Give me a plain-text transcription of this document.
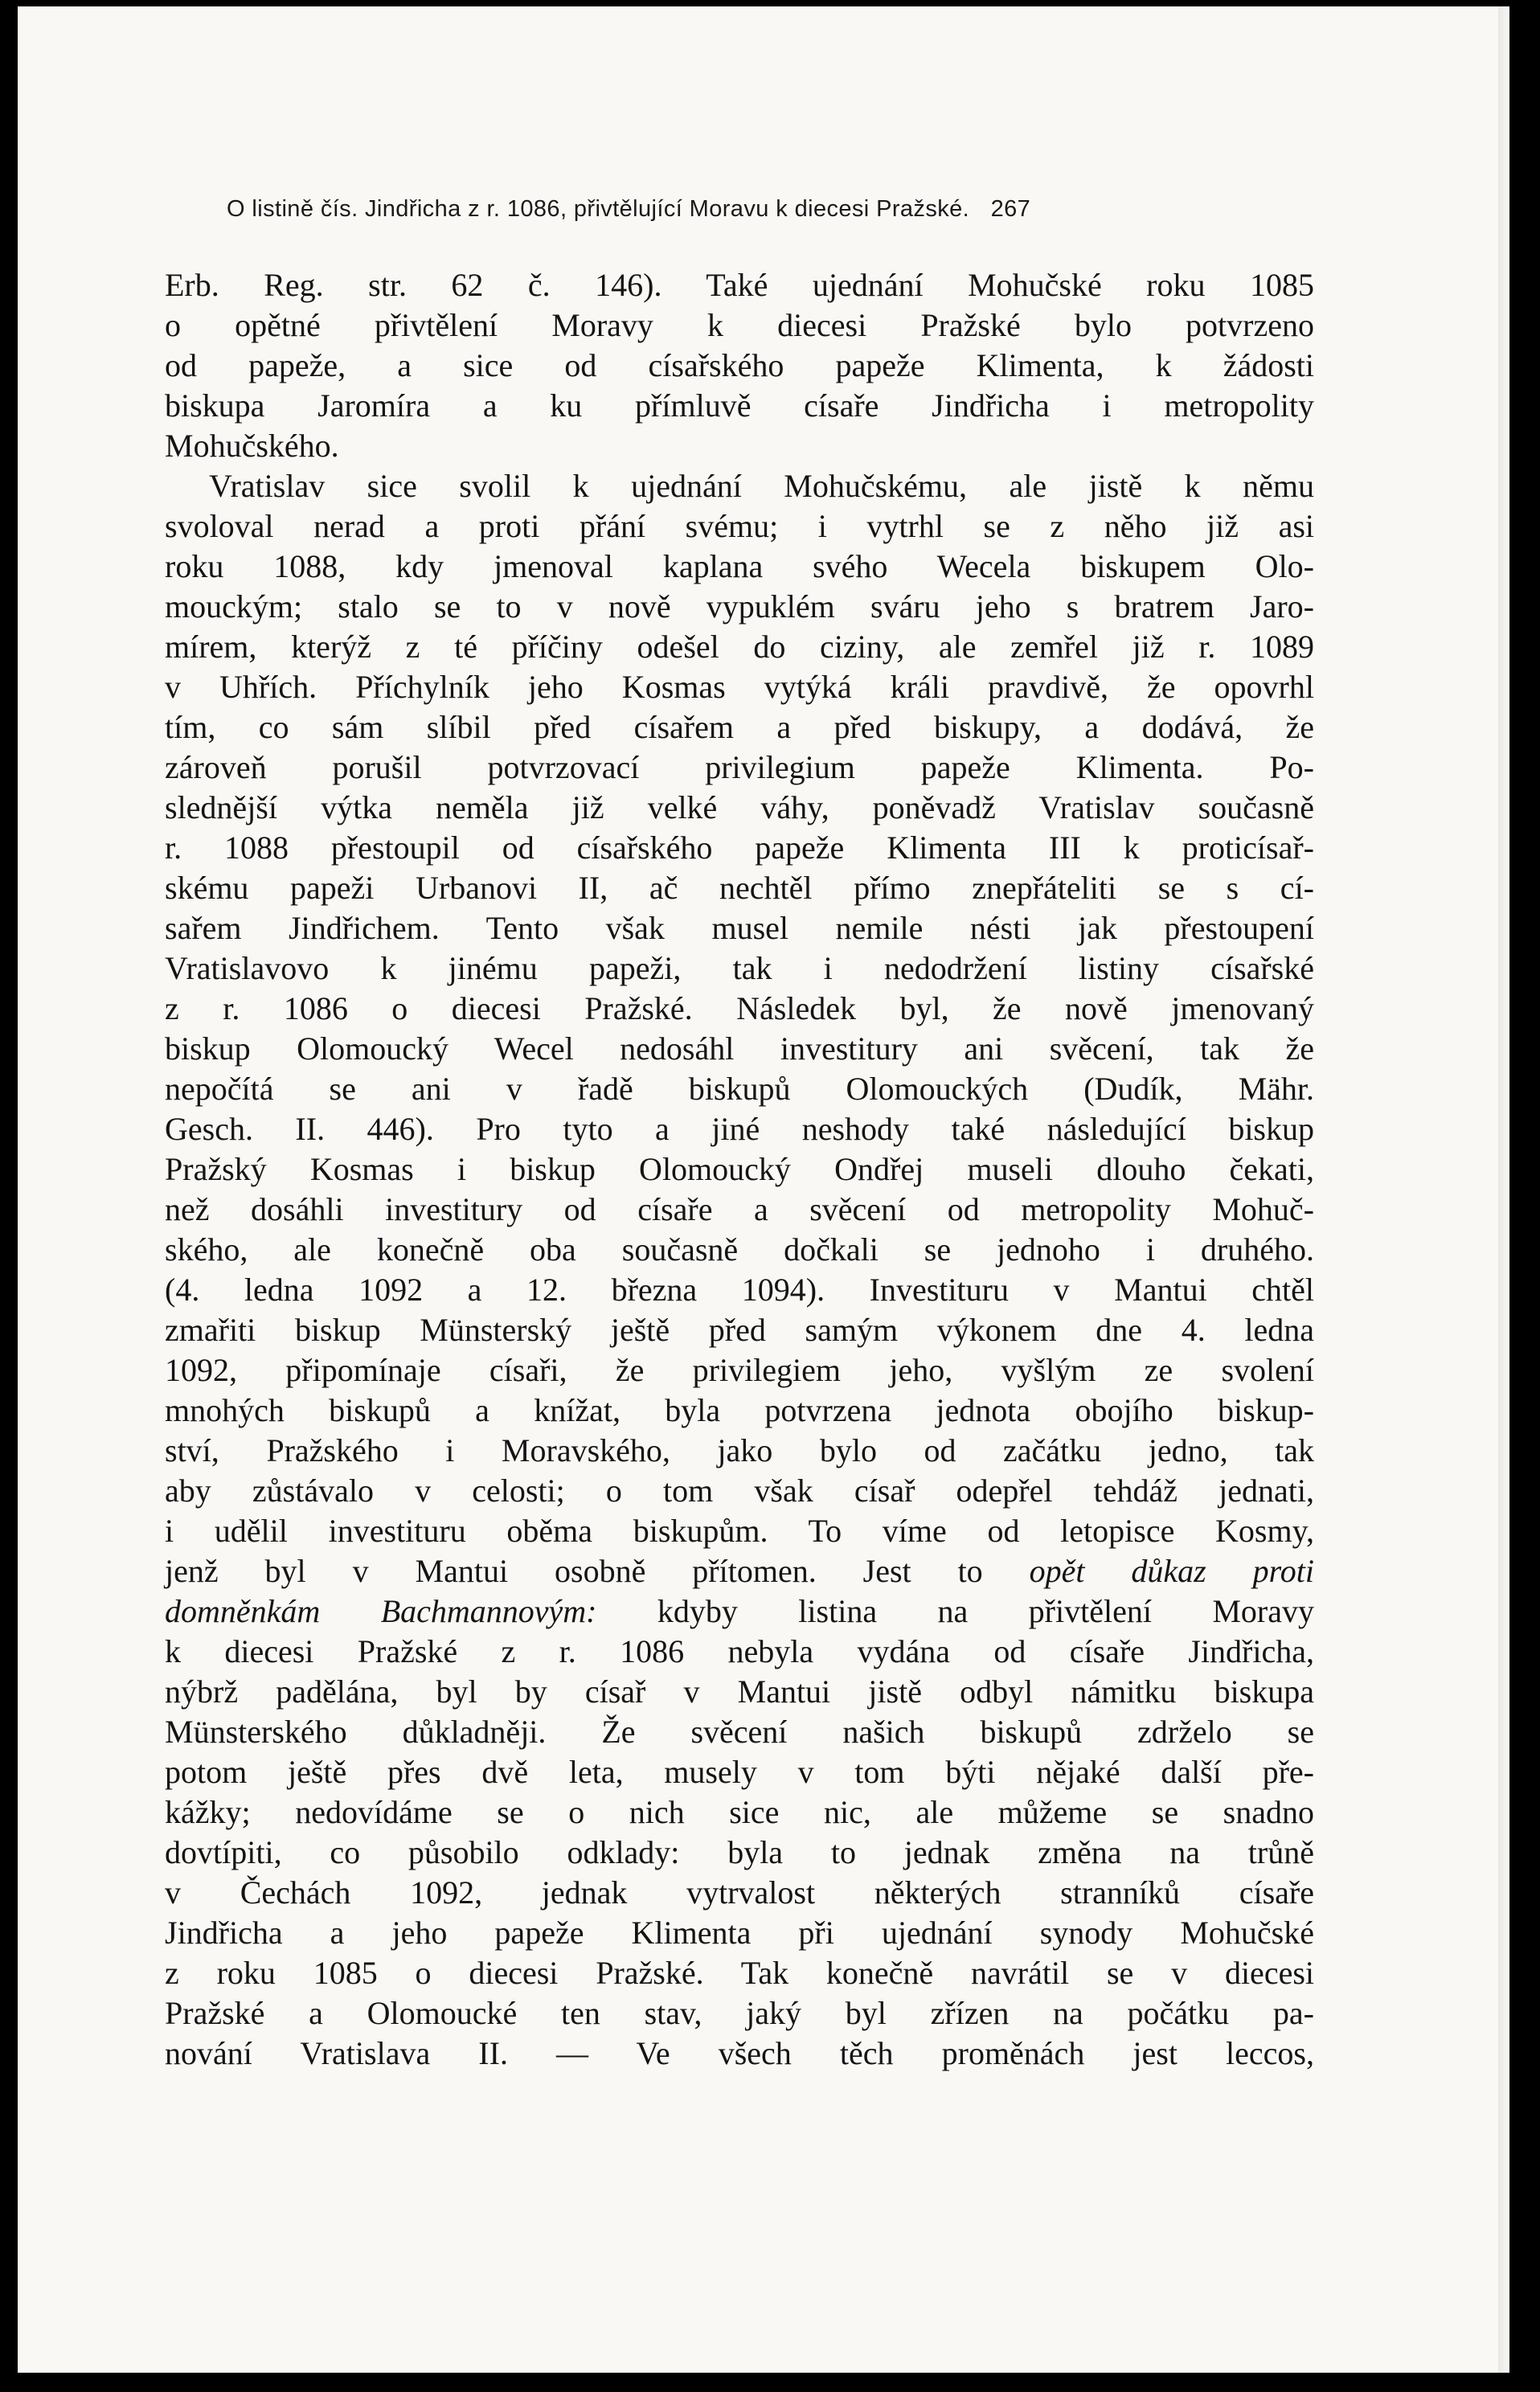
O listině čís. Jindřicha z r. 1086, přivtělující Moravu k diecesi Pražské. 267
Erb. Reg. str. 62 č. 146). Také ujednání Mohučské roku 1085
o opětné přivtělení Moravy k diecesi Pražské bylo potvrzeno
od papeže, a sice od císařského papeže Klimenta, k žádosti
biskupa Jaromíra a ku přímluvě císaře Jindřicha i metropolity
Mohučského.
Vratislav sice svolil k ujednání Mohučskému, ale jistě k němu
svoloval nerad a proti přání svému; i vytrhl se z něho již asi
roku 1088, kdy jmenoval kaplana svého Wecela biskupem Olo-
mouckým; stalo se to v nově vypuklém sváru jeho s bratrem Jaro-
mírem, kterýž z té příčiny odešel do ciziny, ale zemřel již r. 1089
v Uhřích. Příchylník jeho Kosmas vytýká králi pravdivě, že opovrhl
tím, co sám slíbil před císařem a před biskupy, a dodává, že
zároveň porušil potvrzovací privilegium papeže Klimenta. Po-
slednější výtka neměla již velké váhy, poněvadž Vratislav současně
r. 1088 přestoupil od císařského papeže Klimenta III k proticísař-
skému papeži Urbanovi II, ač nechtěl přímo znepřáteliti se s cí-
sařem Jindřichem. Tento však musel nemile nésti jak přestoupení
Vratislavovo k jinému papeži, tak i nedodržení listiny císařské
z r. 1086 o diecesi Pražské. Následek byl, že nově jmenovaný
biskup Olomoucký Wecel nedosáhl investitury ani svěcení, tak že
nepočítá se ani v řadě biskupů Olomouckých (Dudík, Mähr.
Gesch. II. 446). Pro tyto a jiné neshody také následující biskup
Pražský Kosmas i biskup Olomoucký Ondřej museli dlouho čekati,
než dosáhli investitury od císaře a svěcení od metropolity Mohuč-
ského, ale konečně oba současně dočkali se jednoho i druhého.
(4. ledna 1092 a 12. března 1094). Investituru v Mantui chtěl
zmařiti biskup Münsterský ještě před samým výkonem dne 4. ledna
1092, připomínaje císaři, že privilegiem jeho, vyšlým ze svolení
mnohých biskupů a knížat, byla potvrzena jednota obojího biskup-
ství, Pražského i Moravského, jako bylo od začátku jedno, tak
aby zůstávalo v celosti; o tom však císař odepřel tehdáž jednati,
i udělil investituru oběma biskupům. To víme od letopisce Kosmy,
jenž byl v Mantui osobně přítomen. Jest to opět důkaz proti
domněnkám Bachmannovým: kdyby listina na přivtělení Moravy
k diecesi Pražské z r. 1086 nebyla vydána od císaře Jindřicha,
nýbrž padělána, byl by císař v Mantui jistě odbyl námitku biskupa
Münsterského důkladněji. Že svěcení našich biskupů zdrželo se
potom ještě přes dvě leta, musely v tom býti nějaké další pře-
kážky; nedovídáme se o nich sice nic, ale můžeme se snadno
dovtípiti, co působilo odklady: byla to jednak změna na trůně
v Čechách 1092, jednak vytrvalost některých stranníků císaře
Jindřicha a jeho papeže Klimenta při ujednání synody Mohučské
z roku 1085 o diecesi Pražské. Tak konečně navrátil se v diecesi
Pražské a Olomoucké ten stav, jaký byl zřízen na počátku pa-
nování Vratislava II. — Ve všech těch proměnách jest leccos,
